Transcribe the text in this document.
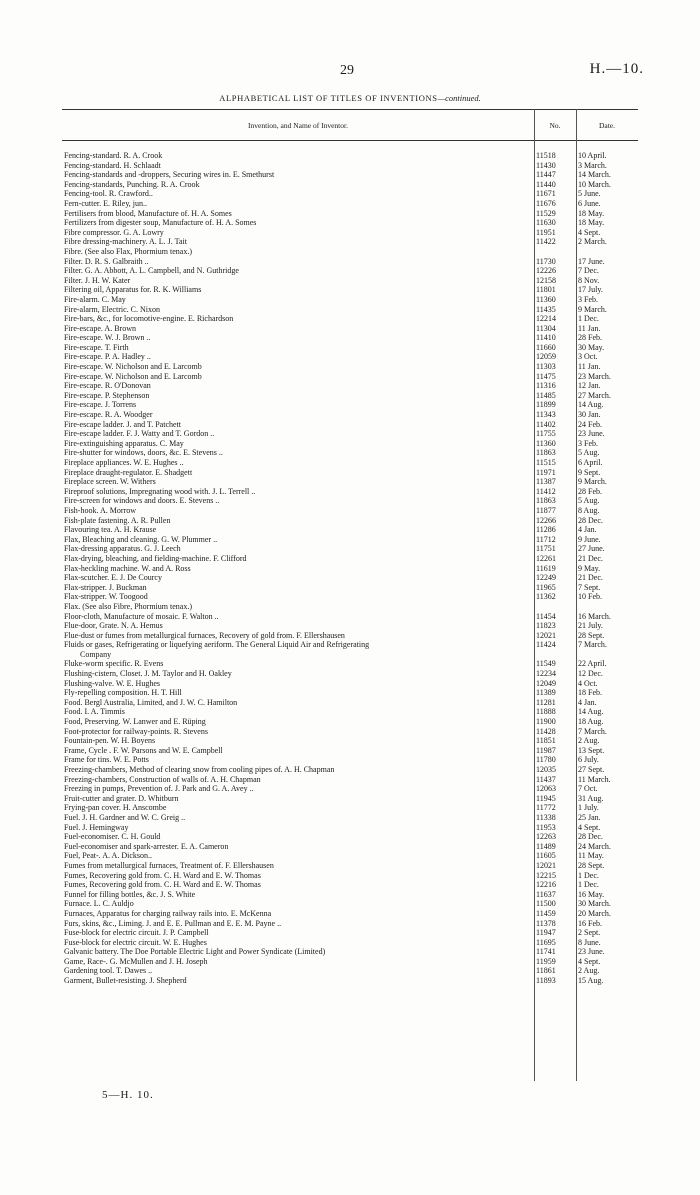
29	H.—10.
ALPHABETICAL LIST OF TITLES OF INVENTIONS—continued.
Invention, and Name of Inventor.	No.	Date.
Fencing-standard. R. A. Crook	11518	10 April.
Fencing-standard. H. Schlaadt	11430	3 March.
Fencing-standards and -droppers, Securing wires in. E. Smethurst	11447	14 March.
Fencing-standards, Punching. R. A. Crook	11440	10 March.
Fencing-tool. R. Crawford..	11671	5 June.
Fern-cutter. E. Riley, jun..	11676	6 June.
Fertilisers from blood, Manufacture of. H. A. Somes	11529	18 May.
Fertilizers from digester soup, Manufacture of. H. A. Somes	11630	18 May.
Fibre compressor. G. A. Lowry	11951	4 Sept.
Fibre dressing-machinery. A. L. J. Tait	11422	2 March.
Fibre. (See also Flax, Phormium tenax.)
Filter. D. R. S. Galbraith ..	11730	17 June.
Filter. G. A. Abbott, A. L. Campbell, and N. Guthridge	12226	7 Dec.
Filter. J. H. W. Kater	12158	8 Nov.
Filtering oil, Apparatus for. R. K. Williams	11801	17 July.
Fire-alarm. C. May	11360	3 Feb.
Fire-alarm, Electric. C. Nixon	11435	9 March.
Fire-bars, &c., for locomotive-engine. E. Richardson	12214	1 Dec.
Fire-escape. A. Brown	11304	11 Jan.
Fire-escape. W. J. Brown ..	11410	28 Feb.
Fire-escape. T. Firth	11660	30 May.
Fire-escape. P. A. Hadley ..	12059	3 Oct.
Fire-escape. W. Nicholson and E. Larcomb	11303	11 Jan.
Fire-escape. W. Nicholson and E. Larcomb	11475	23 March.
Fire-escape. R. O'Donovan	11316	12 Jan.
Fire-escape. P. Stephenson	11485	27 March.
Fire-escape. J. Torrens	11899	14 Aug.
Fire-escape. R. A. Woodger	11343	30 Jan.
Fire-escape ladder. J. and T. Patchett	11402	24 Feb.
Fire-escape ladder. F. J. Watty and T. Gordon ..	11755	23 June.
Fire-extinguishing apparatus. C. May	11360	3 Feb.
Fire-shutter for windows, doors, &c. E. Stevens ..	11863	5 Aug.
Fireplace appliances. W. E. Hughes ..	11515	6 April.
Fireplace draught-regulator. E. Shadgett	11971	9 Sept.
Fireplace screen. W. Withers	11387	9 March.
Fireproof solutions, Impregnating wood with. J. L. Terrell ..	11412	28 Feb.
Fire-screen for windows and doors. E. Stevens ..	11863	5 Aug.
Fish-hook. A. Morrow	11877	8 Aug.
Fish-plate fastening. A. R. Pullen	12266	28 Dec.
Flavouring tea. A. H. Krause	11286	4 Jan.
Flax, Bleaching and cleaning. G. W. Plummer ..	11712	9 June.
Flax-dressing apparatus. G. J. Leech	11751	27 June.
Flax-drying, bleaching, and fielding-machine. F. Clifford	12261	21 Dec.
Flax-heckling machine. W. and A. Ross	11619	9 May.
Flax-scutcher. E. J. De Courcy	12249	21 Dec.
Flax-stripper. J. Buckman	11965	7 Sept.
Flax-stripper. W. Toogood	11362	10 Feb.
Flax. (See also Fibre, Phormium tenax.)
Floor-cloth, Manufacture of mosaic. F. Walton ..	11454	16 March.
Flue-door, Grate. N. A. Hemus	11823	21 July.
Flue-dust or fumes from metallurgical furnaces, Recovery of gold from. F. Ellershausen	12021	28 Sept.
Fluids or gases, Refrigerating or liquefying aeriform. The General Liquid Air and Refrigerating
Company
11424	7 March.
Fluke-worm specific. R. Evens	11549	22 April.
Flushing-cistern, Closet. J. M. Taylor and H. Oakley	12234	12 Dec.
Flushing-valve. W. E. Hughes	12049	4 Oct.
Fly-repelling composition. H. T. Hill	11389	18 Feb.
Food. Bergl Australia, Limited, and J. W. C. Hamilton	11281	4 Jan.
Food. I. A. Timmis	11888	14 Aug.
Food, Preserving. W. Lanwer and E. Rüping	11900	18 Aug.
Foot-protector for railway-points. R. Stevens	11428	7 March.
Fountain-pen. W. H. Boyens	11851	2 Aug.
Frame, Cycle . F. W. Parsons and W. E. Campbell	11987	13 Sept.
Frame for tins. W. E. Potts	11780	6 July.
Freezing-chambers, Method of clearing snow from cooling pipes of. A. H. Chapman	12035	27 Sept.
Freezing-chambers, Construction of walls of. A. H. Chapman	11437	11 March.
Freezing in pumps, Prevention of. J. Park and G. A. Avey ..	12063	7 Oct.
Fruit-cutter and grater. D. Whitburn	11945	31 Aug.
Frying-pan cover. H. Anscombe	11772	1 July.
Fuel. J. H. Gardner and W. C. Greig ..	11338	25 Jan.
Fuel. J. Hemingway	11953	4 Sept.
Fuel-economiser. C. H. Gould	12263	28 Dec.
Fuel-economiser and spark-arrester. E. A. Cameron	11489	24 March.
Fuel, Peat-. A. A. Dickson..	11605	11 May.
Fumes from metallurgical furnaces, Treatment of. F. Ellershausen	12021	28 Sept.
Fumes, Recovering gold from. C. H. Ward and E. W. Thomas	12215	1 Dec.
Fumes, Recovering gold from. C. H. Ward and E. W. Thomas	12216	1 Dec.
Funnel for filling bottles, &c. J. S. White	11637	16 May.
Furnace. L. C. Auldjo	11500	30 March.
Furnaces, Apparatus for charging railway rails into. E. McKenna	11459	20 March.
Furs, skins, &c., Liming. J. and E. E. Pullman and E. E. M. Payne ..	11378	16 Feb.
Fuse-block for electric circuit. J. P. Campbell	11947	2 Sept.
Fuse-block for electric circuit. W. E. Hughes	11695	8 June.
Galvanic battery. The Doe Portable Electric Light and Power Syndicate (Limited)	11741	23 June.
Game, Race-. G. McMullen and J. H. Joseph	11959	4 Sept.
Gardening tool. T. Dawes ..	11861	2 Aug.
Garment, Bullet-resisting. J. Shepherd	11893	15 Aug.
5—H. 10.
